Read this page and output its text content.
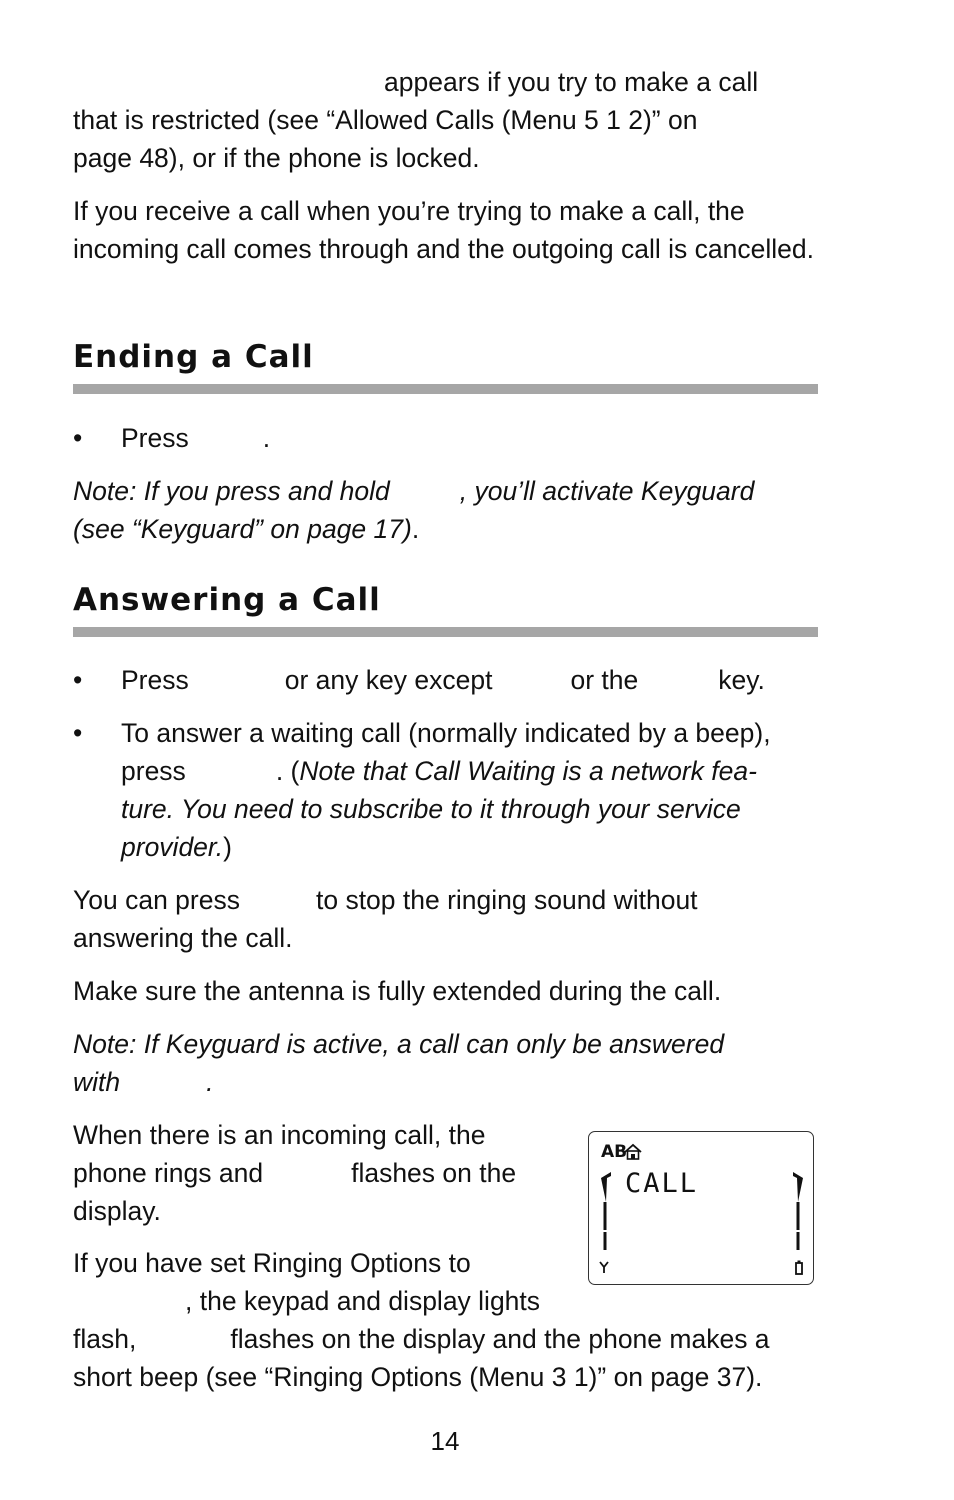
appears if you try to make a call
that is restricted (see “Allowed Calls (Menu 5 1 2)” on
page 48), or if the phone is locked.

If you receive a call when you’re trying to make a call, the incoming call comes through and the outgoing call is cancelled.

Ending a Call
• Press	.

Note: If you press and hold	, you’ll activate Keyguard
(see “Keyguard” on page 17).

Answering a Call
• Press	or any key except	or the	key.

• To answer a waiting call (normally indicated by a beep),
press	. (Note that Call Waiting is a network fea-
ture. You need to subscribe to it through your service
provider.)

You can press	to stop the ringing sound without
answering the call.

Make sure the antenna is fully extended during the call.

Note: If Keyguard is active, a call can only be answered
with	.

When there is an incoming call, the
phone rings and	flashes on the
display.

If you have set Ringing Options to
, the keypad and display lights
flash,	flashes on the display and the phone makes a
short beep (see “Ringing Options (Menu 3 1)” on page 37).

AB
CALL
14
